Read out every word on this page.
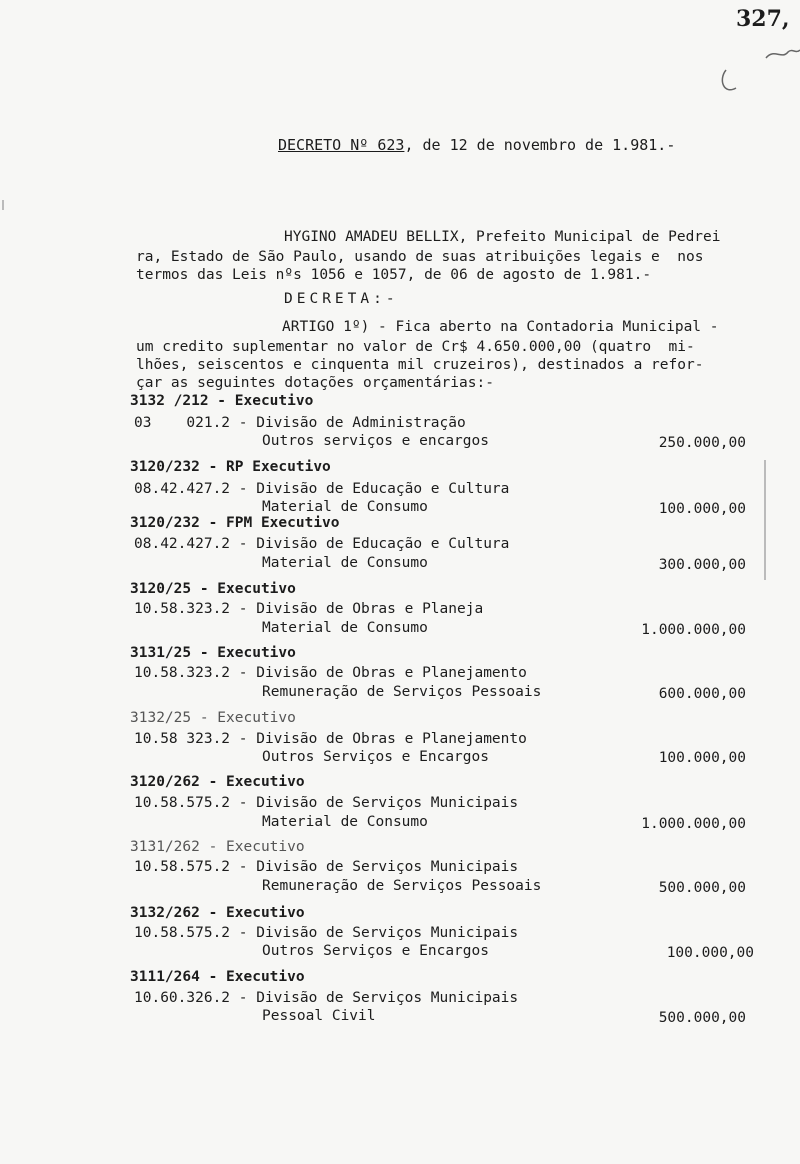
327,
DECRETO Nº 623, de 12 de novembro de 1.981.-
HYGINO AMADEU BELLIX, Prefeito Municipal de Pedrei
ra, Estado de São Paulo, usando de suas atribuições legais e  nos
termos das Leis nºs 1056 e 1057, de 06 de agosto de 1.981.-
DECRETA:-
ARTIGO 1º) - Fica aberto na Contadoria Municipal -
um credito suplementar no valor de Cr$ 4.650.000,00 (quatro  mi-
lhões, seiscentos e cinquenta mil cruzeiros), destinados a refor-
çar as seguintes dotações orçamentárias:-
3132 /212 - Executivo
03    021.2 - Divisão de Administração
Outros serviços e encargos	250.000,00
3120/232 - RP Executivo
08.42.427.2 - Divisão de Educação e Cultura
Material de Consumo	100.000,00
3120/232 - FPM Executivo
08.42.427.2 - Divisão de Educação e Cultura
Material de Consumo	300.000,00
3120/25 - Executivo
10.58.323.2 - Divisão de Obras e Planeja
Material de Consumo	1.000.000,00
3131/25 - Executivo
10.58.323.2 - Divisão de Obras e Planejamento
Remuneração de Serviços Pessoais	600.000,00
3132/25 - Executivo
10.58 323.2 - Divisão de Obras e Planejamento
Outros Serviços e Encargos	100.000,00
3120/262 - Executivo
10.58.575.2 - Divisão de Serviços Municipais
Material de Consumo	1.000.000,00
3131/262 - Executivo
10.58.575.2 - Divisão de Serviços Municipais
Remuneração de Serviços Pessoais	500.000,00
3132/262 - Executivo
10.58.575.2 - Divisão de Serviços Municipais
Outros Serviços e Encargos	100.000,00
3111/264 - Executivo
10.60.326.2 - Divisão de Serviços Municipais
Pessoal Civil	500.000,00
